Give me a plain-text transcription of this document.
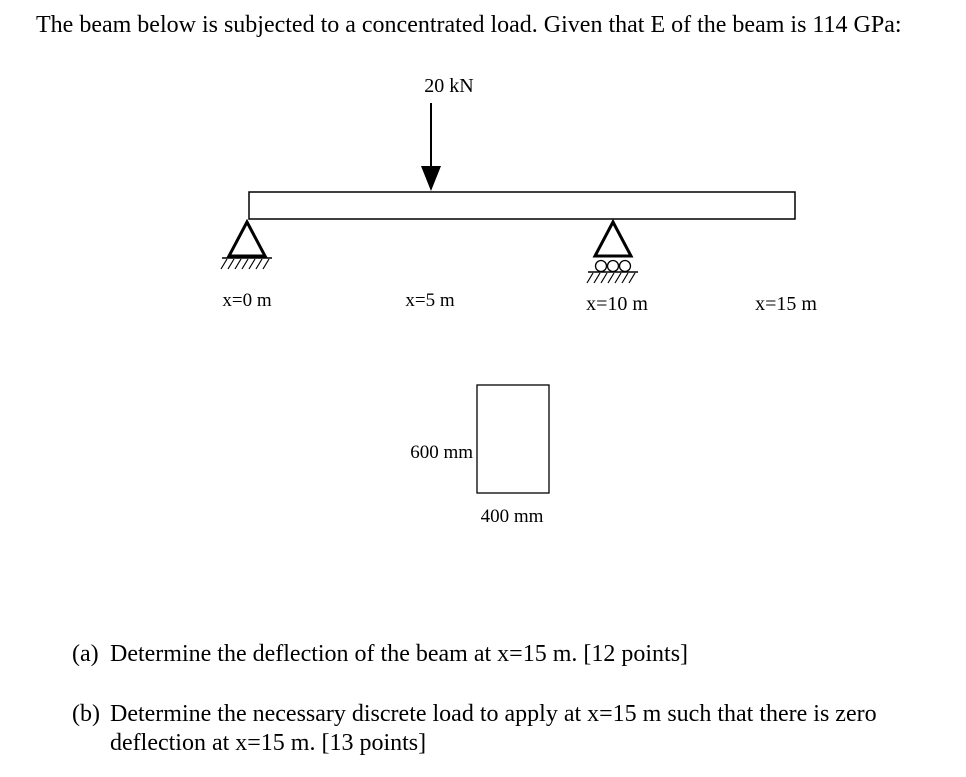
The beam below is subjected to a concentrated load. Given that E of the beam is 114 GPa:
20 kN
x=0 m	x=5 m	x=10 m	x=15 m
600 mm
400 mm
(a) Determine the deflection of the beam at x=15 m. [12 points]
(b) Determine the necessary discrete load to apply at x=15 m such that there is zero deflection at x=15 m. [13 points]
